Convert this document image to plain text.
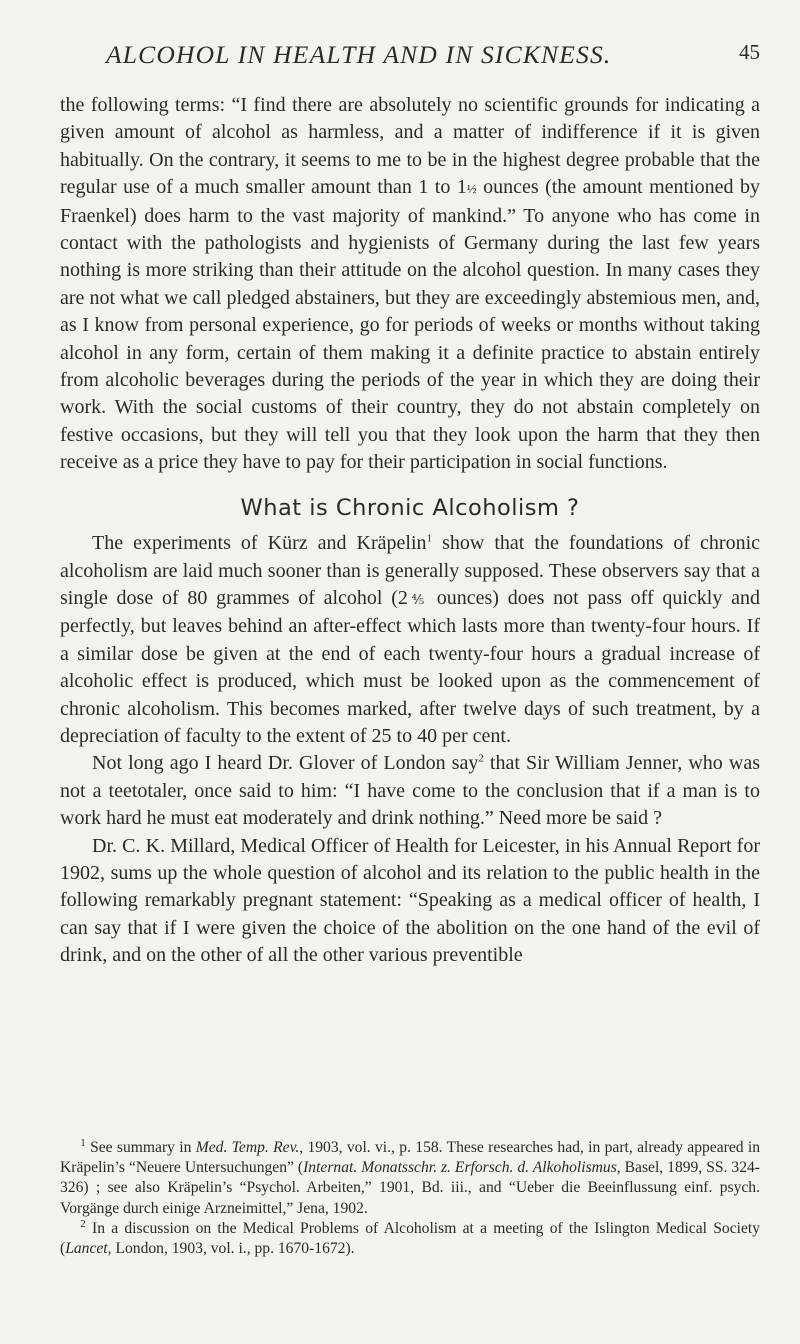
ALCOHOL IN HEALTH AND IN SICKNESS.	45

the following terms: “I find there are absolutely no scientific grounds for indicating a given amount of alcohol as harmless, and a matter of indifference if it is given habitually. On the contrary, it seems to me to be in the highest degree probable that the regular use of a much smaller amount than 1 to 1½ ounces (the amount mentioned by Fraenkel) does harm to the vast majority of mankind.” To anyone who has come in contact with the pathologists and hygienists of Germany during the last few years nothing is more striking than their attitude on the alcohol question. In many cases they are not what we call pledged abstainers, but they are exceedingly abstemious men, and, as I know from personal experience, go for periods of weeks or months without taking alcohol in any form, certain of them making it a definite practice to abstain entirely from alcoholic beverages during the periods of the year in which they are doing their work. With the social customs of their country, they do not abstain completely on festive occasions, but they will tell you that they look upon the harm that they then receive as a price they have to pay for their participation in social functions.

What is Chronic Alcoholism ?

The experiments of Kürz and Kräpelin$^1$ show that the foundations of chronic alcoholism are laid much sooner than is generally supposed. These observers say that a single dose of 80 grammes of alcohol (2⅘ ounces) does not pass off quickly and perfectly, but leaves behind an after-effect which lasts more than twenty-four hours. If a similar dose be given at the end of each twenty-four hours a gradual increase of alcoholic effect is produced, which must be looked upon as the commencement of chronic alcoholism. This becomes marked, after twelve days of such treatment, by a depreciation of faculty to the extent of 25 to 40 per cent.

Not long ago I heard Dr. Glover of London say$^2$ that Sir William Jenner, who was not a teetotaler, once said to him: “I have come to the conclusion that if a man is to work hard he must eat moderately and drink nothing.” Need more be said ?

Dr. C. K. Millard, Medical Officer of Health for Leicester, in his Annual Report for 1902, sums up the whole question of alcohol and its relation to the public health in the following remarkably pregnant statement: “Speaking as a medical officer of health, I can say that if I were given the choice of the abolition on the one hand of the evil of drink, and on the other of all the other various preventible

$^1$ See summary in Med. Temp. Rev., 1903, vol. vi., p. 158. These researches had, in part, already appeared in Kräpelin’s “Neuere Untersuchungen” (Internat. Monatsschr. z. Erforsch. d. Alkoholismus, Basel, 1899, SS. 324-326) ; see also Kräpelin’s “Psychol. Arbeiten,” 1901, Bd. iii., and “Ueber die Beeinflussung einf. psych. Vorgänge durch einige Arzneimittel,” Jena, 1902.

$^2$ In a discussion on the Medical Problems of Alcoholism at a meeting of the Islington Medical Society (Lancet, London, 1903, vol. i., pp. 1670-1672).
